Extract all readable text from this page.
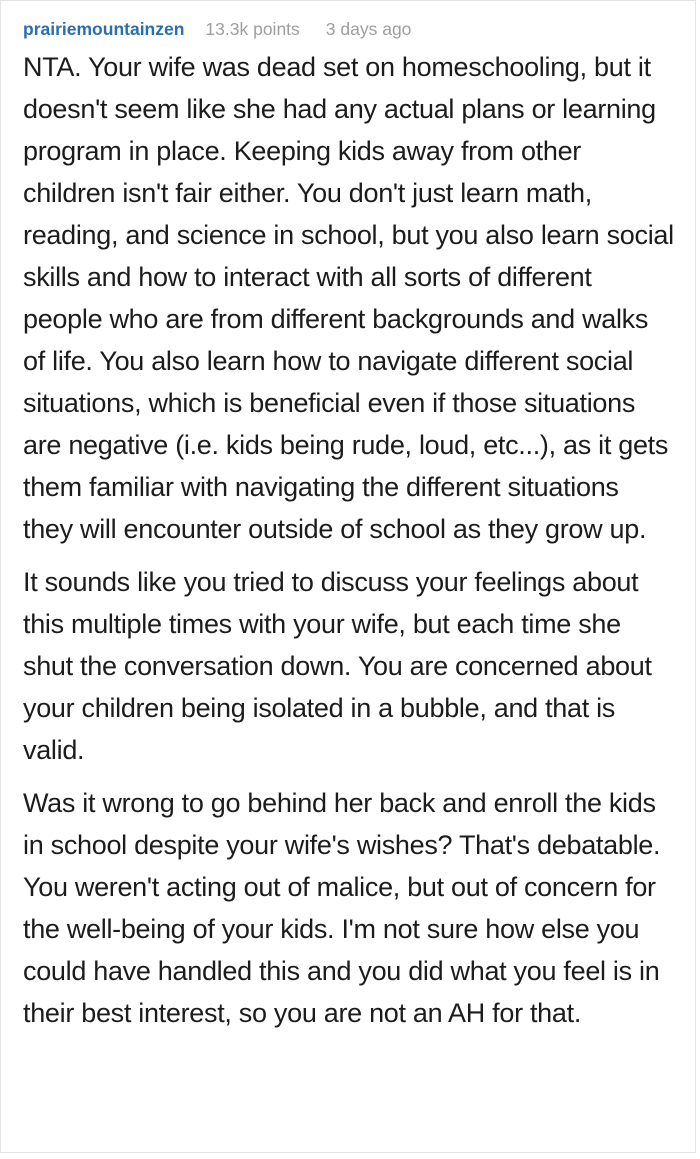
prairiemountainzen 13.3k points 3 days ago

NTA. Your wife was dead set on homeschooling, but it doesn't seem like she had any actual plans or learning program in place. Keeping kids away from other children isn't fair either. You don't just learn math, reading, and science in school, but you also learn social skills and how to interact with all sorts of different people who are from different backgrounds and walks of life. You also learn how to navigate different social situations, which is beneficial even if those situations are negative (i.e. kids being rude, loud, etc...), as it gets them familiar with navigating the different situations they will encounter outside of school as they grow up.

It sounds like you tried to discuss your feelings about this multiple times with your wife, but each time she shut the conversation down. You are concerned about your children being isolated in a bubble, and that is valid.

Was it wrong to go behind her back and enroll the kids in school despite your wife's wishes? That's debatable. You weren't acting out of malice, but out of concern for the well-being of your kids. I'm not sure how else you could have handled this and you did what you feel is in their best interest, so you are not an AH for that.
